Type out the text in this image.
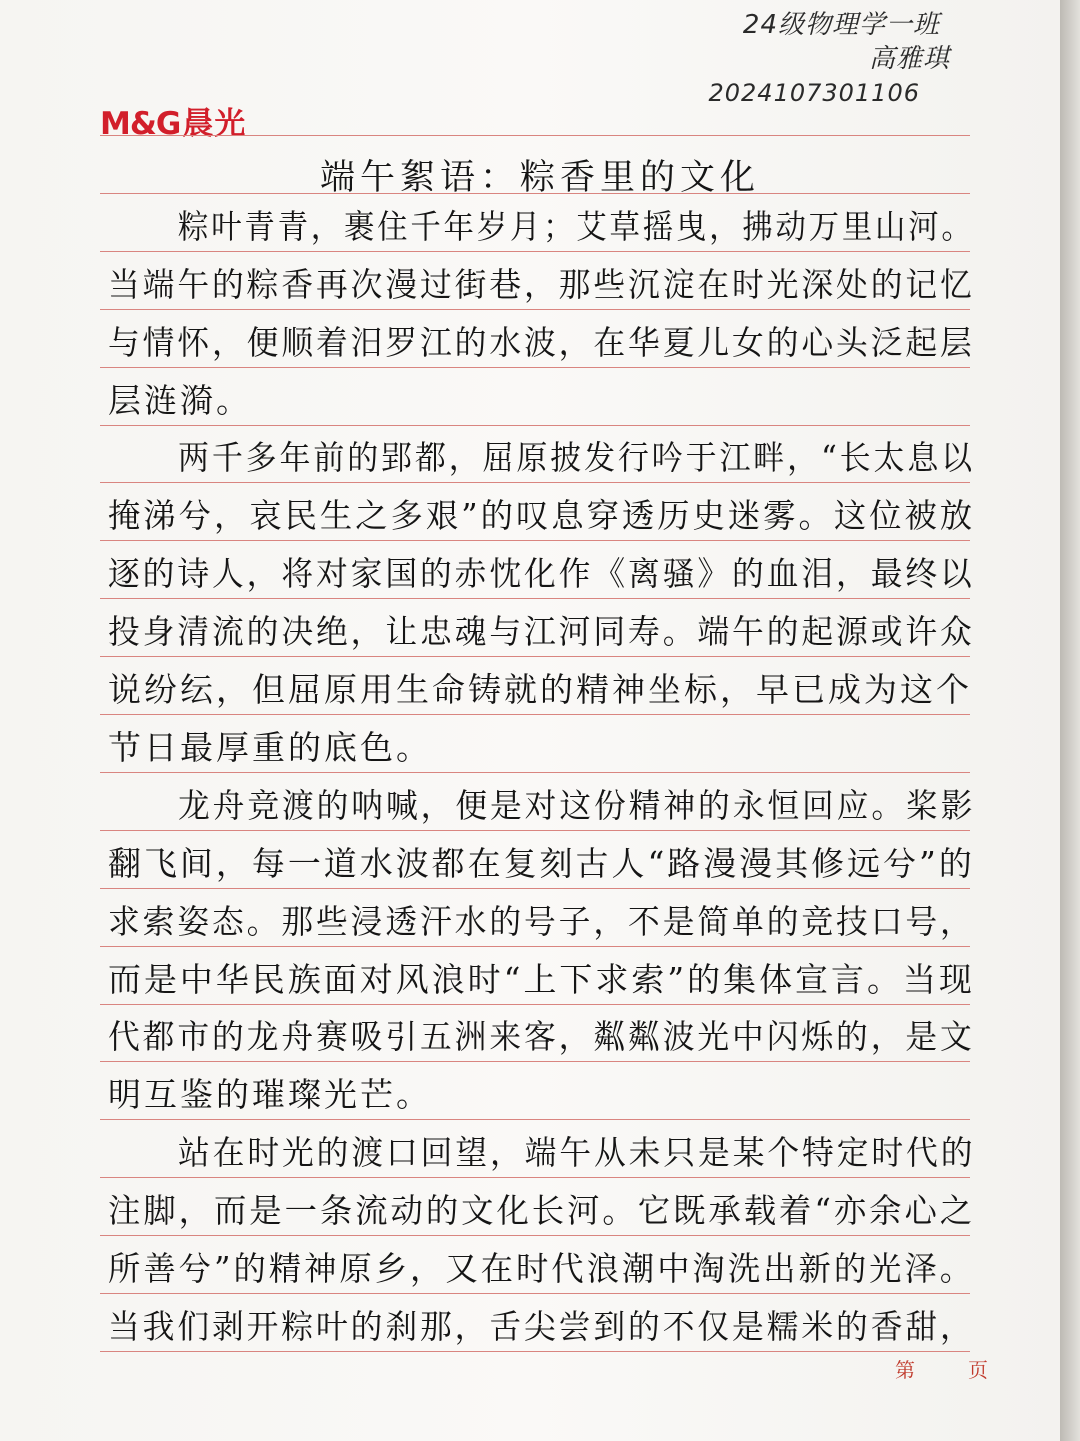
24级物理学一班
高雅琪
2024107301106
M&G晨光
端午絮语：粽香里的文化
粽叶青青，裹住千年岁月；艾草摇曳，拂动万里山河。
当端午的粽香再次漫过街巷，那些沉淀在时光深处的记忆
与情怀，便顺着汨罗江的水波，在华夏儿女的心头泛起层
层涟漪。
两千多年前的郢都，屈原披发行吟于江畔，“长太息以
掩涕兮，哀民生之多艰”的叹息穿透历史迷雾。这位被放
逐的诗人，将对家国的赤忱化作《离骚》的血泪，最终以
投身清流的决绝，让忠魂与江河同寿。端午的起源或许众
说纷纭，但屈原用生命铸就的精神坐标，早已成为这个
节日最厚重的底色。
龙舟竞渡的呐喊，便是对这份精神的永恒回应。桨影
翻飞间，每一道水波都在复刻古人“路漫漫其修远兮”的
求索姿态。那些浸透汗水的号子，不是简单的竞技口号，
而是中华民族面对风浪时“上下求索”的集体宣言。当现
代都市的龙舟赛吸引五洲来客，粼粼波光中闪烁的，是文
明互鉴的璀璨光芒。
站在时光的渡口回望，端午从未只是某个特定时代的
注脚，而是一条流动的文化长河。它既承载着“亦余心之
所善兮”的精神原乡，又在时代浪潮中淘洗出新的光泽。
当我们剥开粽叶的刹那，舌尖尝到的不仅是糯米的香甜，
第	页
